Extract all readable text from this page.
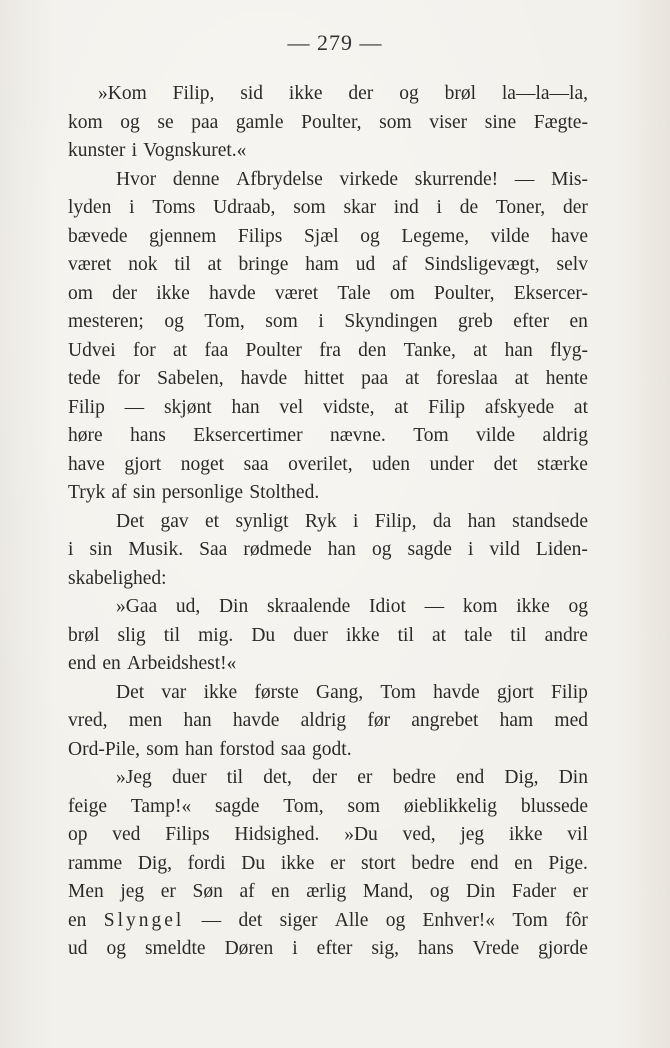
— 279 —
»Kom Filip, sid ikke der og brøl la—la—la,
kom og se paa gamle Poulter, som viser sine Fægte-
kunster i Vognskuret.«
Hvor denne Afbrydelse virkede skurrende! — Mis-
lyden i Toms Udraab, som skar ind i de Toner, der
bævede gjennem Filips Sjæl og Legeme, vilde have
været nok til at bringe ham ud af Sindsligevægt, selv
om der ikke havde været Tale om Poulter, Eksercer-
mesteren; og Tom, som i Skyndingen greb efter en
Udvei for at faa Poulter fra den Tanke, at han flyg-
tede for Sabelen, havde hittet paa at foreslaa at hente
Filip — skjønt han vel vidste, at Filip afskyede at
høre hans Eksercertimer nævne. Tom vilde aldrig
have gjort noget saa overilet, uden under det stærke
Tryk af sin personlige Stolthed.
Det gav et synligt Ryk i Filip, da han standsede
i sin Musik. Saa rødmede han og sagde i vild Liden-
skabelighed:
»Gaa ud, Din skraalende Idiot — kom ikke og
brøl slig til mig. Du duer ikke til at tale til andre
end en Arbeidshest!«
Det var ikke første Gang, Tom havde gjort Filip
vred, men han havde aldrig før angrebet ham med
Ord-Pile, som han forstod saa godt.
»Jeg duer til det, der er bedre end Dig, Din
feige Tamp!« sagde Tom, som øieblikkelig blussede
op ved Filips Hidsighed. »Du ved, jeg ikke vil
ramme Dig, fordi Du ikke er stort bedre end en Pige.
Men jeg er Søn af en ærlig Mand, og Din Fader er
en Slyngel — det siger Alle og Enhver!« Tom fôr
ud og smeldte Døren i efter sig, hans Vrede gjorde
